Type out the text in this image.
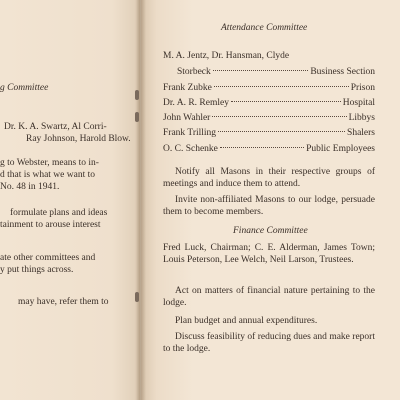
g Committee
Dr. K. A. Swartz, Al Corri-
Ray Johnson, Harold Blow.
g to Webster, means to in-
d that is what we want to
No. 48 in 1941.
formulate plans and ideas
tainment to arouse interest
ate other committees and
y put things across.
may have, refer them to
Attendance Committee
M. A. Jentz, Dr. Hansman, Clyde
Storbeck	Business Section
Frank Zubke	Prison
Dr. A. R. Remley	Hospital
John Wahler	Libbys
Frank Trilling	Shalers
O. C. Schenke	Public Employees
Notify all Masons in their respective groups of meetings and induce them to attend.
Invite non-affiliated Masons to our lodge, persuade them to become members.
Finance Committee
Fred Luck, Chairman; C. E. Alderman, James Town; Louis Peterson, Lee Welch, Neil Larson, Trustees.
Act on matters of financial nature pertaining to the lodge.
Plan budget and annual expenditures.
Discuss feasibility of reducing dues and make report to the lodge.
